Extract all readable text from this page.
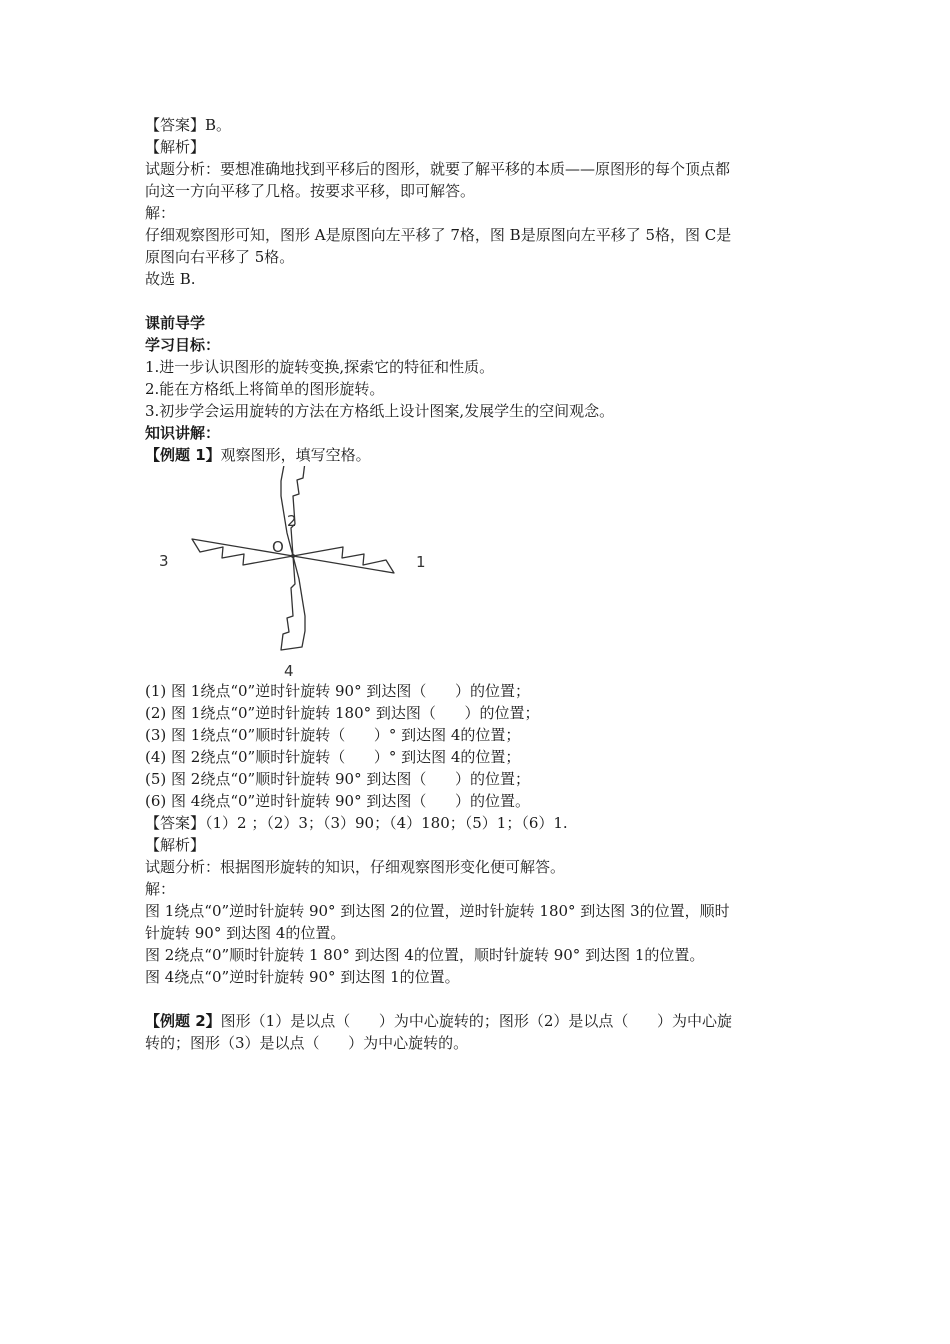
【答案】B。
【解析】
试题分析：要想准确地找到平移后的图形，就要了解平移的本质——原图形的每个顶点都
向这一方向平移了几格。按要求平移，即可解答。
解：
仔细观察图形可知，图形 A是原图向左平移了 7格，图 B是原图向左平移了 5格，图 C是
原图向右平移了 5格。
故选 B.
课前导学
学习目标：
1.进一步认识图形的旋转变换,探索它的特征和性质。
2.能在方格纸上将简单的图形旋转。
3.初步学会运用旋转的方法在方格纸上设计图案,发展学生的空间观念。
知识讲解：
【例题 1】观察图形，填写空格。
O
1
2
3
4
(1) 图 1绕点“0”逆时针旋转 90° 到达图（      ）的位置；
(2) 图 1绕点“0”逆时针旋转 180° 到达图（      ）的位置；
(3) 图 1绕点“0”顺时针旋转（      ）° 到达图 4的位置；
(4) 图 2绕点“0”顺时针旋转（      ）° 到达图 4的位置；
(5) 图 2绕点“0”顺时针旋转 90° 到达图（      ）的位置；
(6) 图 4绕点“0”逆时针旋转 90° 到达图（      ）的位置。
【答案】（1）2 ；（2）3；（3）90；（4）180；（5）1；（6）1.
【解析】
试题分析：根据图形旋转的知识，仔细观察图形变化便可解答。
解：
图 1绕点“0”逆时针旋转 90° 到达图 2的位置，逆时针旋转 180° 到达图 3的位置，顺时
针旋转 90° 到达图 4的位置。
图 2绕点“0”顺时针旋转 1 80° 到达图 4的位置，顺时针旋转 90° 到达图 1的位置。
图 4绕点“0”逆时针旋转 90° 到达图 1的位置。
【例题 2】图形（1）是以点（      ）为中心旋转的；图形（2）是以点（      ）为中心旋
转的；图形（3）是以点（      ）为中心旋转的。
